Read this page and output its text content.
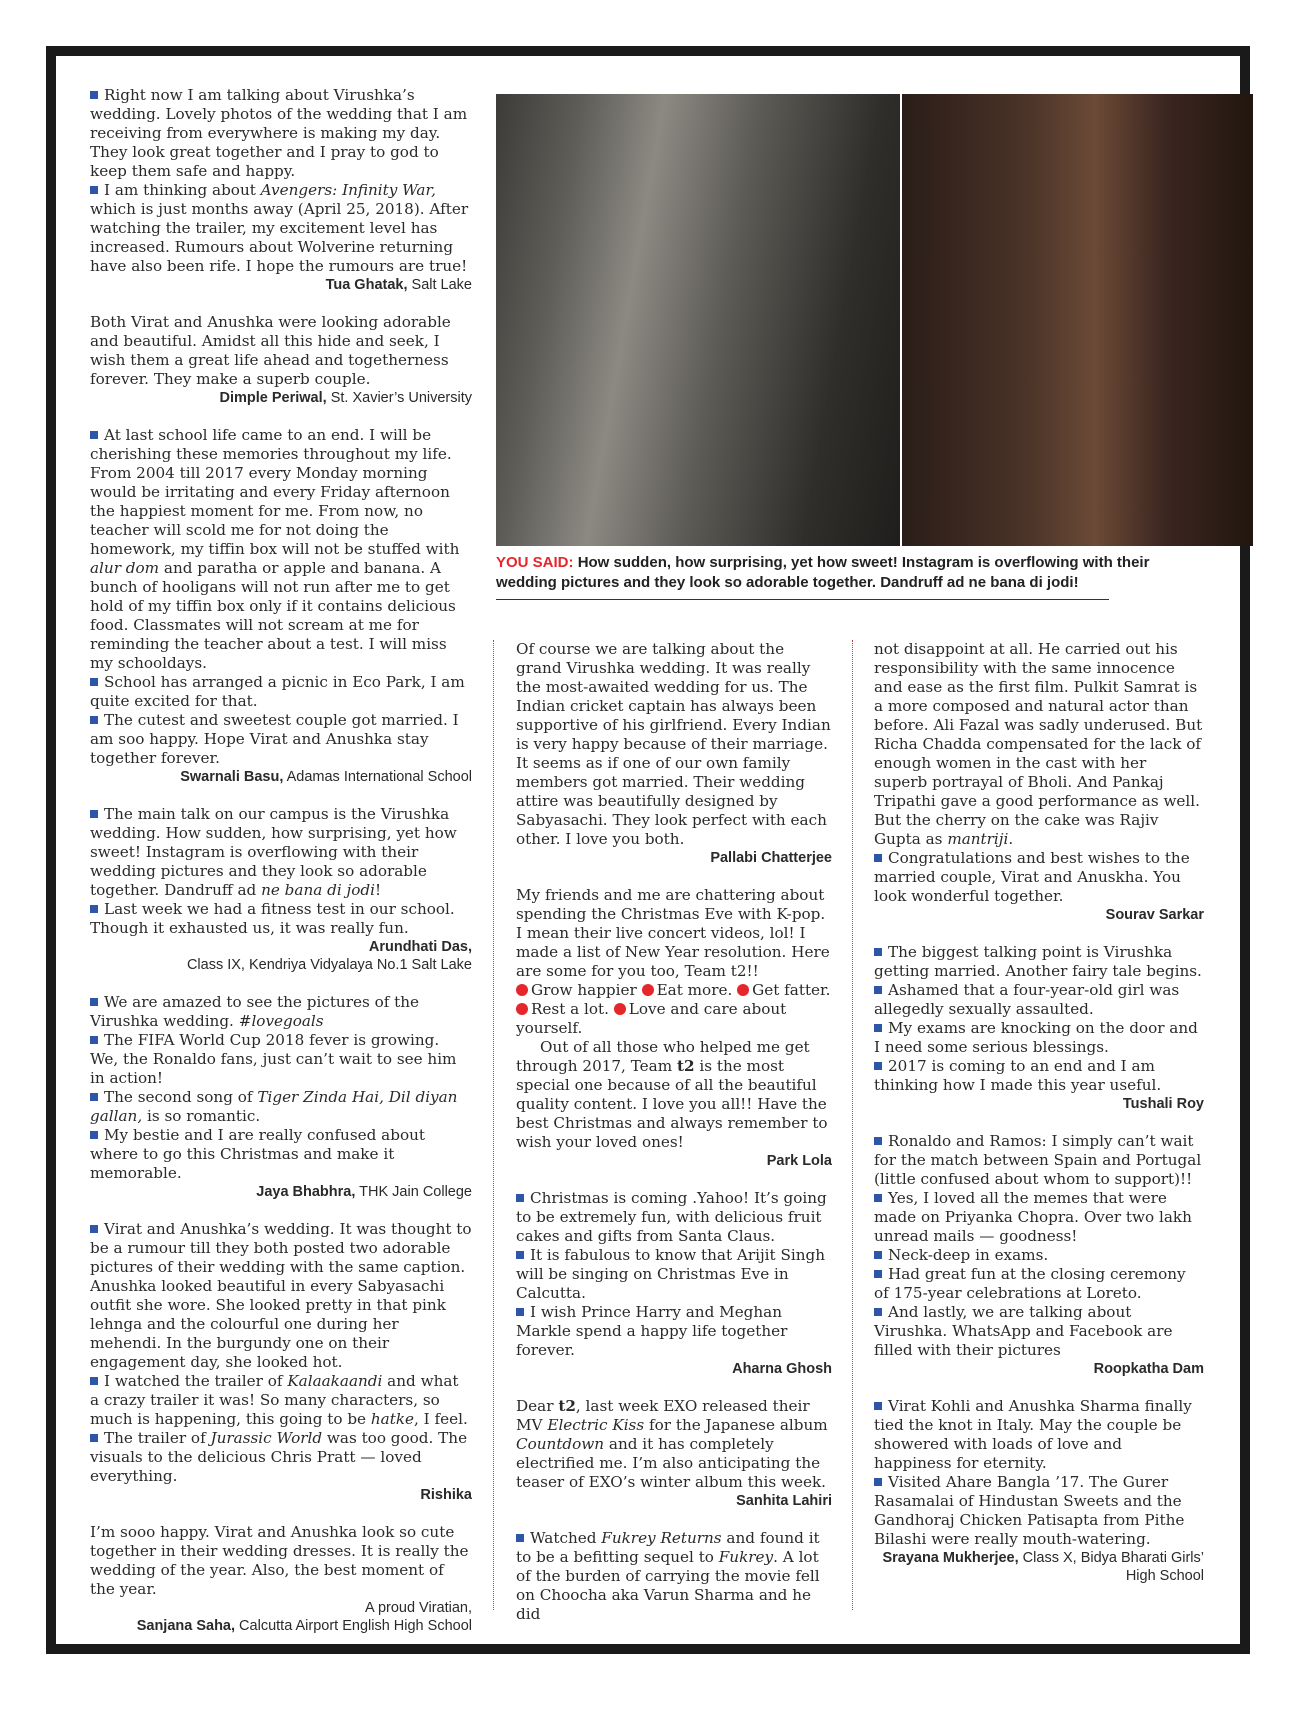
YOU SAID: How sudden, how surprising, yet how sweet! Instagram is overflowing with their wedding pictures and they look so adorable together. Dandruff ad ne bana di jodi!

Right now I am talking about Virushka’s wedding. Lovely photos of the wedding that I am receiving from everywhere is making my day. They look great together and I pray to god to keep them safe and happy.

I am thinking about Avengers: Infinity War, which is just months away (April 25, 2018). After watching the trailer, my excitement level has increased. Rumours about Wolverine returning have also been rife. I hope the rumours are true!

Tua Ghatak, Salt Lake

Both Virat and Anushka were looking adorable and beautiful. Amidst all this hide and seek, I wish them a great life ahead and togetherness forever. They make a superb couple.

Dimple Periwal, St. Xavier’s University

At last school life came to an end. I will be cherishing these memories throughout my life. From 2004 till 2017 every Monday morning would be irritating and every Friday afternoon the happiest moment for me. From now, no teacher will scold me for not doing the homework, my tiffin box will not be stuffed with alur dom and paratha or apple and banana. A bunch of hooligans will not run after me to get hold of my tiffin box only if it contains delicious food. Classmates will not scream at me for reminding the teacher about a test. I will miss my schooldays.

School has arranged a picnic in Eco Park, I am quite excited for that.

The cutest and sweetest couple got married. I am soo happy. Hope Virat and Anushka stay together forever.

Swarnali Basu, Adamas International School

The main talk on our campus is the Virushka wedding. How sudden, how surprising, yet how sweet! Instagram is overflowing with their wedding pictures and they look so adorable together. Dandruff ad ne bana di jodi!

Last week we had a fitness test in our school. Though it exhausted us, it was really fun.

Arundhati Das,

Class IX, Kendriya Vidyalaya No.1 Salt Lake

We are amazed to see the pictures of the Virushka wedding. #lovegoals

The FIFA World Cup 2018 fever is growing. We, the Ronaldo fans, just can’t wait to see him in action!

The second song of Tiger Zinda Hai, Dil diyan gallan, is so romantic.

My bestie and I are really confused about where to go this Christmas and make it memorable.

Jaya Bhabhra, THK Jain College

Virat and Anushka’s wedding. It was thought to be a rumour till they both posted two adorable pictures of their wedding with the same caption. Anushka looked beautiful in every Sabyasachi outfit she wore. She looked pretty in that pink lehnga and the colourful one during her mehendi. In the burgundy one on their engagement day, she looked hot.

I watched the trailer of Kalaakaandi and what a crazy trailer it was! So many characters, so much is happening, this going to be hatke, I feel.

The trailer of Jurassic World was too good. The visuals to the delicious Chris Pratt — loved everything.

Rishika

I’m sooo happy. Virat and Anushka look so cute together in their wedding dresses. It is really the wedding of the year. Also, the best moment of the year.

A proud Viratian,

Sanjana Saha, Calcutta Airport English High School

Of course we are talking about the grand Virushka wedding. It was really the most-awaited wedding for us. The Indian cricket captain has always been supportive of his girlfriend. Every Indian is very happy because of their marriage. It seems as if one of our own family members got married. Their wedding attire was beautifully designed by Sabyasachi. They look perfect with each other. I love you both.

Pallabi Chatterjee

My friends and me are chattering about spending the Christmas Eve with K-pop. I mean their live concert videos, lol! I made a list of New Year resolution. Here are some for you too, Team t2!!

Grow happier Eat more. Get fatter.
Rest a lot. Love and care about yourself.

Out of all those who helped me get through 2017, Team t2 is the most special one because of all the beautiful quality content. I love you all!! Have the best Christmas and always remember to wish your loved ones!

Park Lola

Christmas is coming .Yahoo! It’s going to be extremely fun, with delicious fruit cakes and gifts from Santa Claus.

It is fabulous to know that Arijit Singh will be singing on Christmas Eve in Calcutta.

I wish Prince Harry and Meghan Markle spend a happy life together forever.

Aharna Ghosh

Dear t2, last week EXO released their MV Electric Kiss for the Japanese album Countdown and it has completely electrified me. I’m also anticipating the teaser of EXO’s winter album this week.

Sanhita Lahiri

Watched Fukrey Returns and found it to be a befitting sequel to Fukrey. A lot of the burden of carrying the movie fell on Choocha aka Varun Sharma and he did

not disappoint at all. He carried out his responsibility with the same innocence and ease as the first film. Pulkit Samrat is a more composed and natural actor than before. Ali Fazal was sadly underused. But Richa Chadda compensated for the lack of enough women in the cast with her superb portrayal of Bholi. And Pankaj Tripathi gave a good performance as well. But the cherry on the cake was Rajiv Gupta as mantriji.

Congratulations and best wishes to the married couple, Virat and Anuskha. You look wonderful together.

Sourav Sarkar

The biggest talking point is Virushka getting married. Another fairy tale begins.

Ashamed that a four-year-old girl was allegedly sexually assaulted.

My exams are knocking on the door and I need some serious blessings.

2017 is coming to an end and I am thinking how I made this year useful.

Tushali Roy

Ronaldo and Ramos: I simply can’t wait for the match between Spain and Portugal (little confused about whom to support)!!

Yes, I loved all the memes that were made on Priyanka Chopra. Over two lakh unread mails — goodness!

Neck-deep in exams.

Had great fun at the closing ceremony of 175-year celebrations at Loreto.

And lastly, we are talking about Virushka. WhatsApp and Facebook are filled with their pictures

Roopkatha Dam

Virat Kohli and Anushka Sharma finally tied the knot in Italy. May the couple be showered with loads of love and happiness for eternity.

Visited Ahare Bangla ’17. The Gurer Rasamalai of Hindustan Sweets and the Gandhoraj Chicken Patisapta from Pithe Bilashi were really mouth-watering.

Srayana Mukherjee, Class X, Bidya Bharati Girls’ High School
